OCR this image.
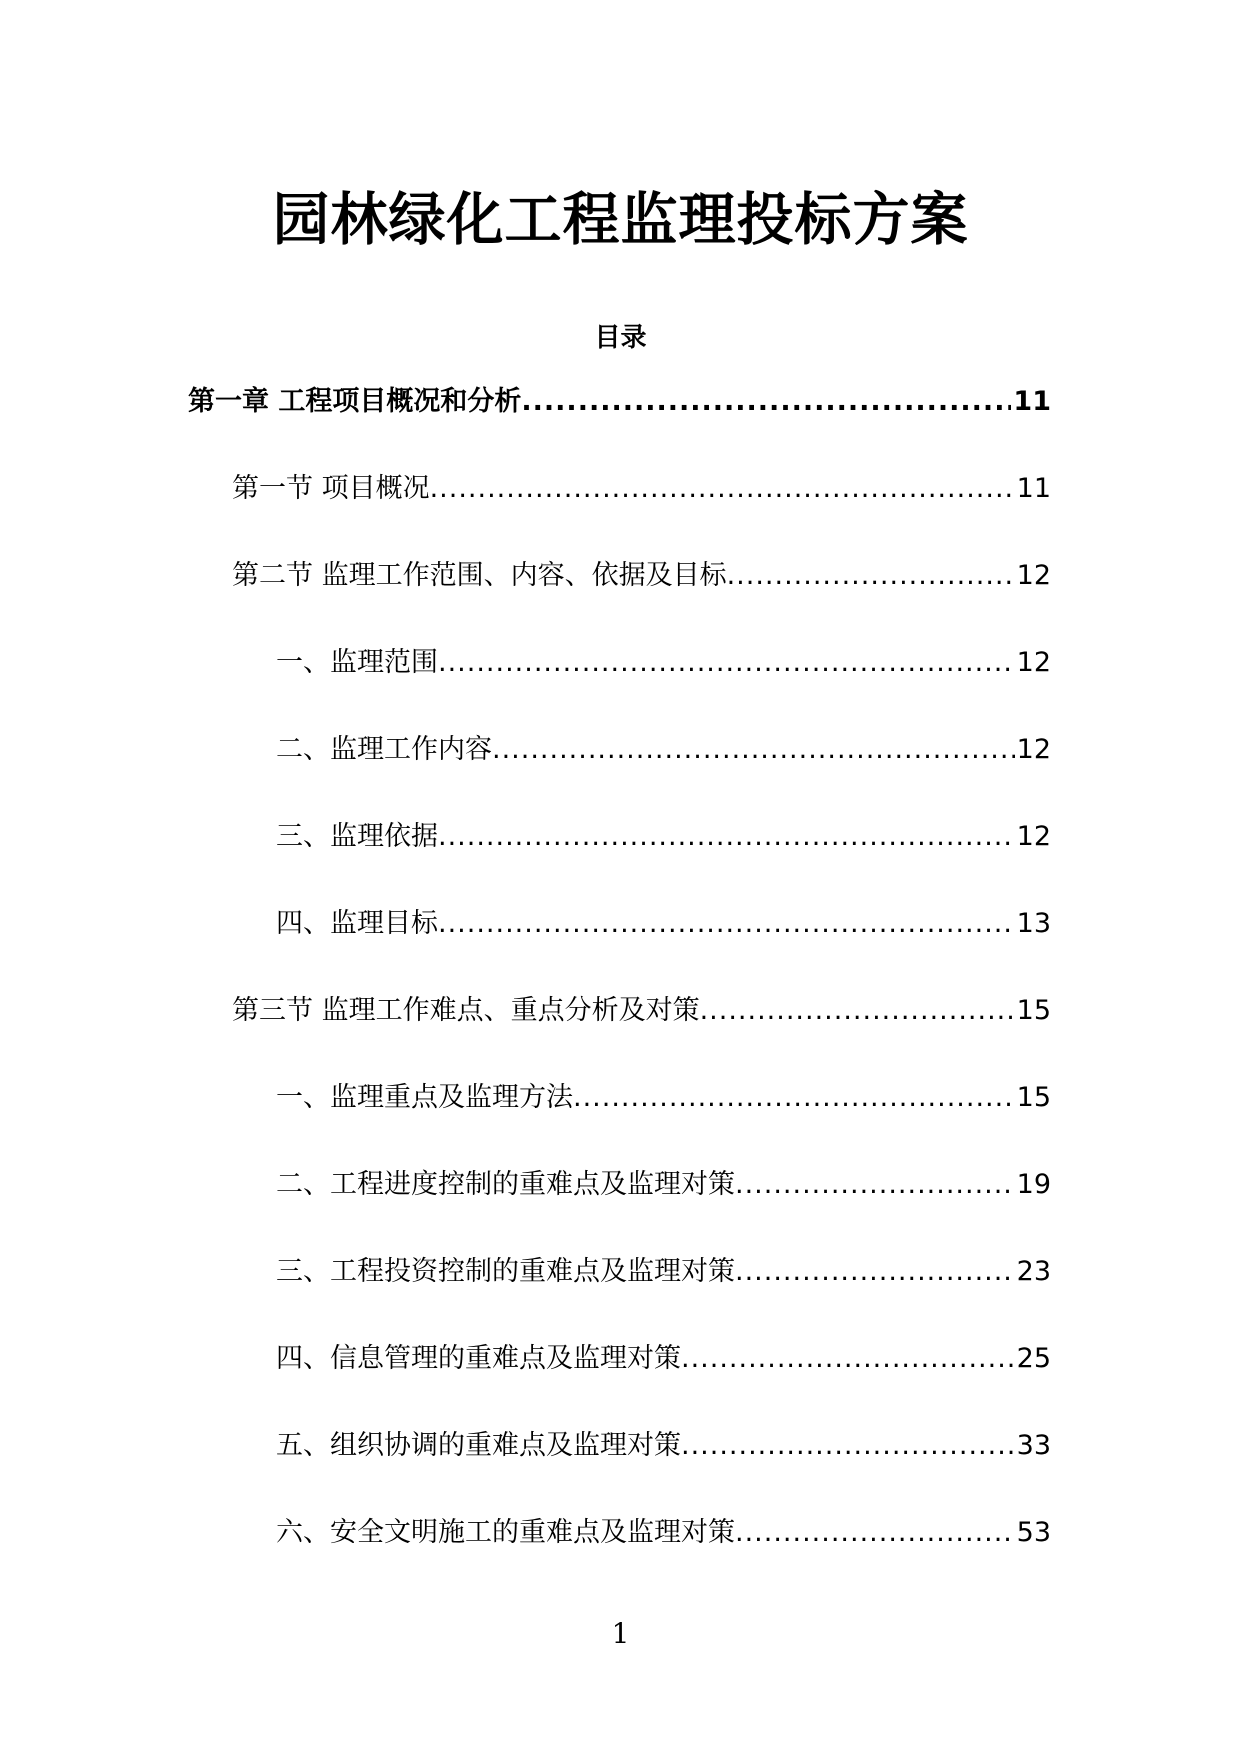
园林绿化工程监理投标方案
目录
第一章 工程项目概况和分析 .....	11
第一节 项目概况 .....	11
第二节 监理工作范围、内容、依据及目标 .....	12
一、监理范围 .....	12
二、监理工作内容 .....	12
三、监理依据 .....	12
四、监理目标 .....	13
第三节 监理工作难点、重点分析及对策 .....	15
一、监理重点及监理方法 .....	15
二、工程进度控制的重难点及监理对策 .....	19
三、工程投资控制的重难点及监理对策 .....	23
四、信息管理的重难点及监理对策 .....	25
五、组织协调的重难点及监理对策 .....	33
六、安全文明施工的重难点及监理对策 .....	53
1
